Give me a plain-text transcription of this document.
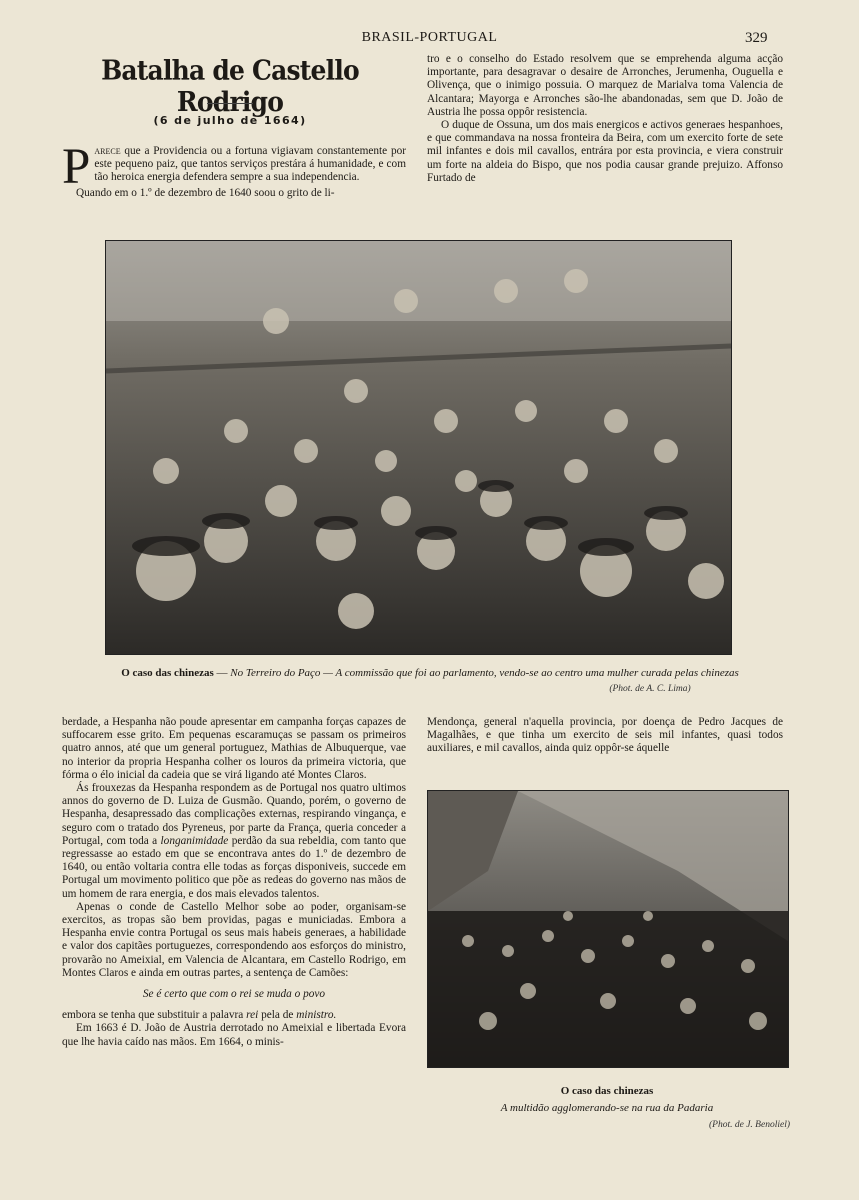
BRASIL-PORTUGAL	329
Batalha de Castello Rodrigo
(6 de julho de 1664)

P arece que a Providencia ou a fortuna vigiavam constantemente por este pequeno paiz, que tantos serviços prestára á humanidade, e com tão heroica energia defendera sempre a sua independencia.

Quando em o 1.º de dezembro de 1640 soou o grito de li-

tro e o conselho do Estado resolvem que se emprehenda alguma acção importante, para desagravar o desaire de Arronches, Jerumenha, Ouguella e Olivença, que o inimigo possuia. O marquez de Marialva toma Valencia de Alcantara; Mayorga e Arronches são-lhe abandonadas, sem que D. João de Austria lhe possa oppôr resistencia.

O duque de Ossuna, um dos mais energicos e activos generaes hespanhoes, e que commandava na nossa fronteira da Beira, com um exercito forte de sete mil infantes e dois mil cavallos, entrára por esta provincia, e viera construir um forte na aldeia do Bispo, que nos podia causar grande prejuizo. Affonso Furtado de

O caso das chinezas — No Terreiro do Paço — A commissão que foi ao parlamento, vendo-se ao centro uma mulher curada pelas chinezas
(Phot. de A. C. Lima)

berdade, a Hespanha não poude apresentar em campanha forças capazes de suffocarem esse grito. Em pequenas escaramuças se passam os primeiros quatro annos, até que um general portuguez, Mathias de Albuquerque, vae no interior da propria Hespanha colher os louros da primeira victoria, que fórma o élo inicial da cadeia que se virá ligando até Montes Claros.

Ás frouxezas da Hespanha respondem as de Portugal nos quatro ultimos annos do governo de D. Luiza de Gusmão. Quando, porém, o governo de Hespanha, desapressado das complicações externas, respirando vingança, e seguro com o tratado dos Pyreneus, por parte da França, queria conceder a Portugal, com toda a longanimidade perdão da sua rebeldia, com tanto que regressasse ao estado em que se encontrava antes do 1.º de dezembro de 1640, ou então voltaria contra elle todas as forças disponiveis, succede em Portugal um movimento politico que põe as redeas do governo nas mãos de um homem de rara energia, e dos mais elevados talentos.

Apenas o conde de Castello Melhor sobe ao poder, organisam-se exercitos, as tropas são bem providas, pagas e municiadas. Embora a Hespanha envie contra Portugal os seus mais habeis generaes, a habilidade e valor dos capitães portuguezes, correspondendo aos esforços do ministro, provarão no Ameixial, em Valencia de Alcantara, em Castello Rodrigo, em Montes Claros e ainda em outras partes, a sentença de Camões:

Se é certo que com o rei se muda o povo

embora se tenha que substituir a palavra rei pela de ministro.

Em 1663 é D. João de Austria derrotado no Ameixial e libertada Evora que lhe havia caído nas mãos. Em 1664, o minis-

Mendonça, general n'aquella provincia, por doença de Pedro Jacques de Magalhães, e que tinha um exercito de seis mil infantes, quasi todos auxiliares, e mil cavallos, ainda quiz oppôr-se áquelle

O caso das chinezas
A multidão agglomerando-se na rua da Padaria
(Phot. de J. Benoliel)
